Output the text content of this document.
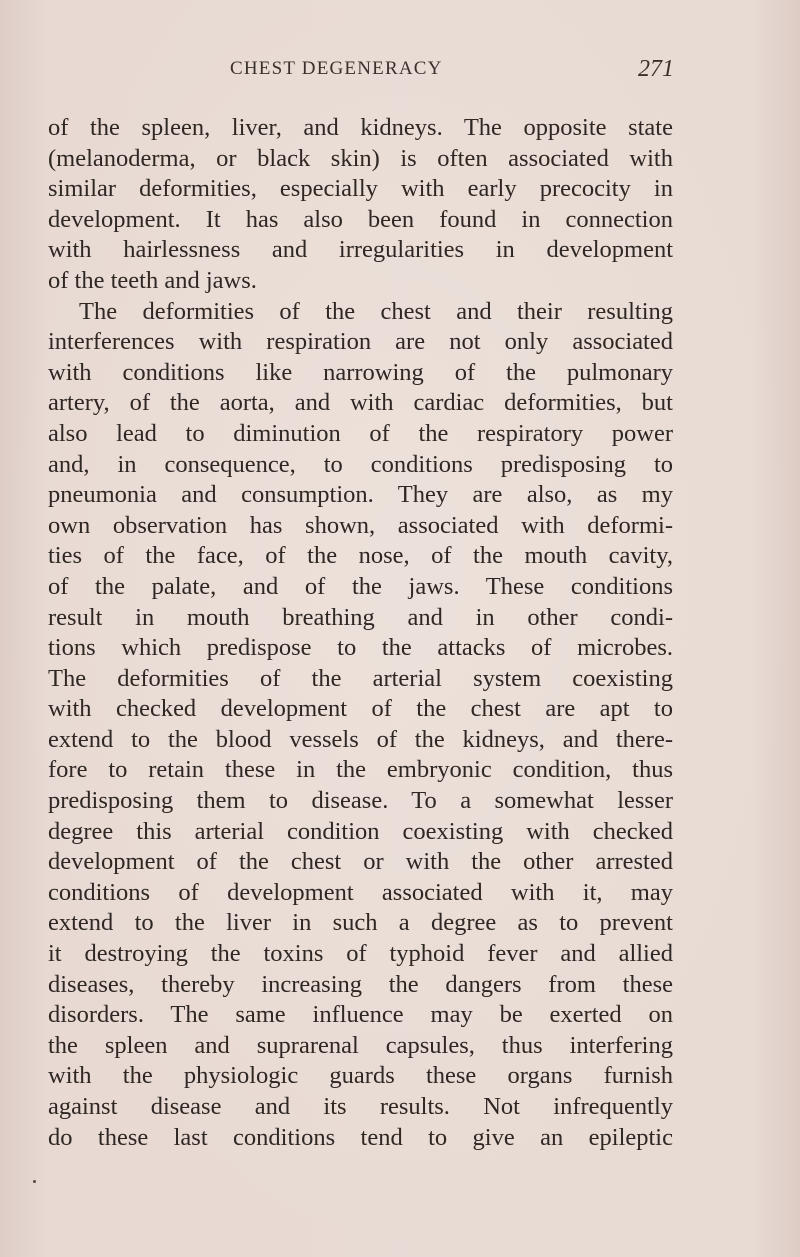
CHEST DEGENERACY	271
of the spleen, liver, and kidneys. The opposite state
(melanoderma, or black skin) is often associated with
similar deformities, especially with early precocity in
development. It has also been found in connection
with hairlessness and irregularities in development
of the teeth and jaws.
The deformities of the chest and their resulting
interferences with respiration are not only associated
with conditions like narrowing of the pulmonary
artery, of the aorta, and with cardiac deformities, but
also lead to diminution of the respiratory power
and, in consequence, to conditions predisposing to
pneumonia and consumption. They are also, as my
own observation has shown, associated with deformi-
ties of the face, of the nose, of the mouth cavity,
of the palate, and of the jaws. These conditions
result in mouth breathing and in other condi-
tions which predispose to the attacks of microbes.
The deformities of the arterial system coexisting
with checked development of the chest are apt to
extend to the blood vessels of the kidneys, and there-
fore to retain these in the embryonic condition, thus
predisposing them to disease. To a somewhat lesser
degree this arterial condition coexisting with checked
development of the chest or with the other arrested
conditions of development associated with it, may
extend to the liver in such a degree as to prevent
it destroying the toxins of typhoid fever and allied
diseases, thereby increasing the dangers from these
disorders. The same influence may be exerted on
the spleen and suprarenal capsules, thus interfering
with the physiologic guards these organs furnish
against disease and its results. Not infrequently
do these last conditions tend to give an epileptic
